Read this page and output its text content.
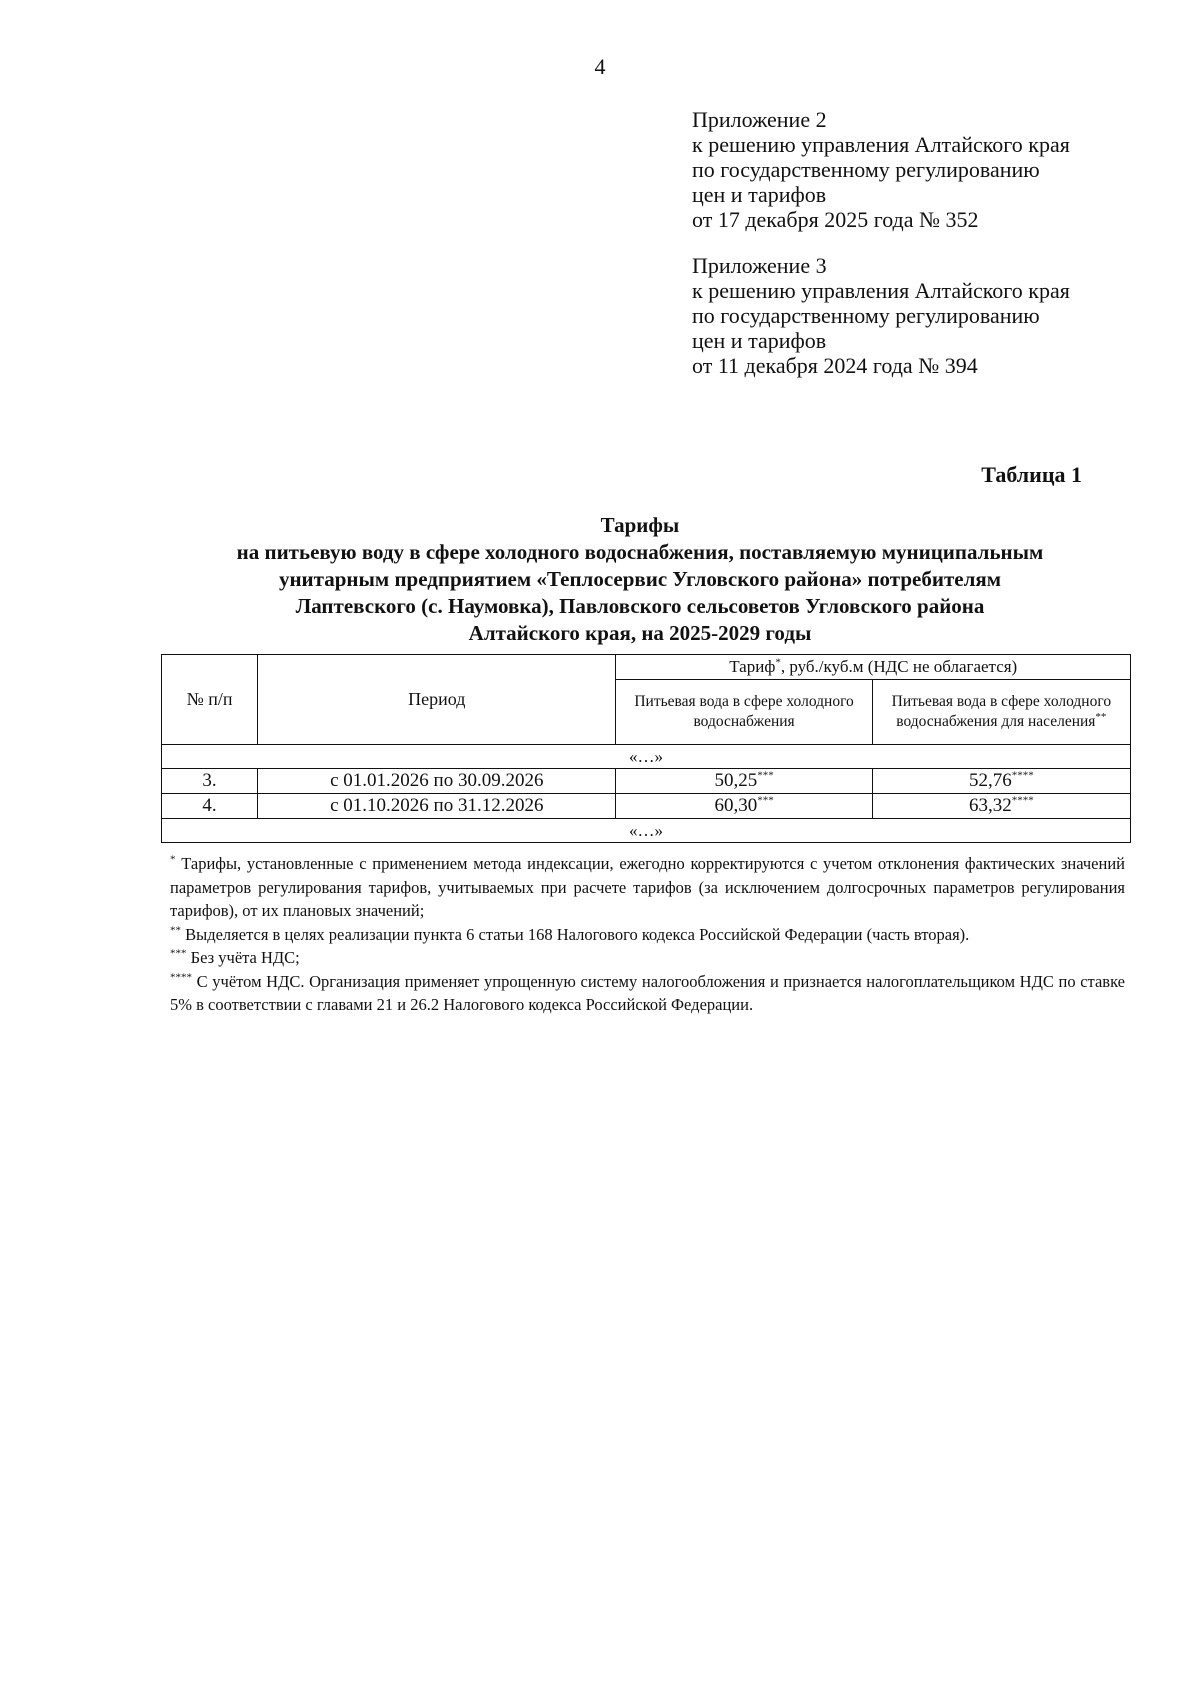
4
Приложение 2
к решению управления Алтайского края
по государственному регулированию
цен и тарифов
от 17 декабря 2025 года № 352
Приложение 3
к решению управления Алтайского края
по государственному регулированию
цен и тарифов
от 11 декабря 2024 года № 394
Таблица 1
Тарифы
на питьевую воду в сфере холодного водоснабжения, поставляемую муниципальным
унитарным предприятием «Теплосервис Угловского района» потребителям
Лаптевского (с. Наумовка), Павловского сельсоветов Угловского района
Алтайского края, на 2025-2029 годы
№ п/п	Период	Тариф*, руб./куб.м (НДС не облагается)	
		Питьевая вода в сфере холодного водоснабжения	Питьевая вода в сфере холодного водоснабжения для населения**
«…»			
3.	с 01.01.2026 по 30.09.2026	50,25***	52,76****
4.	с 01.10.2026 по 31.12.2026	60,30***	63,32****
«…»			

* Тарифы, установленные с применением метода индексации, ежегодно корректируются с учетом отклонения фактических значений параметров регулирования тарифов, учитываемых при расчете тарифов (за исключением долгосрочных параметров регулирования тарифов), от их плановых значений;

** Выделяется в целях реализации пункта 6 статьи 168 Налогового кодекса Российской Федерации (часть вторая).

*** Без учёта НДС;

**** С учётом НДС. Организация применяет упрощенную систему налогообложения и признается налогоплательщиком НДС по ставке 5% в соответствии с главами 21 и 26.2 Налогового кодекса Российской Федерации.
